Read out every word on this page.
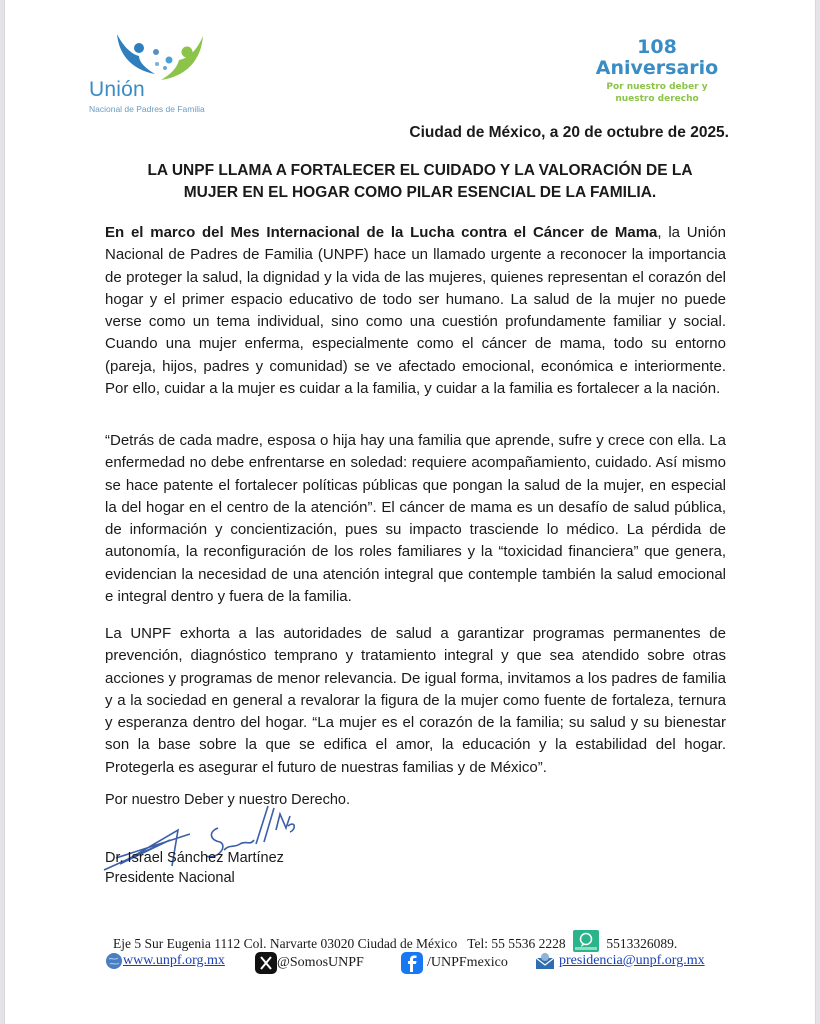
Unión
Nacional de Padres de Familia
108
Aniversario
Por nuestro deber y
nuestro derecho
Ciudad de México, a 20 de octubre de 2025.
LA UNPF LLAMA A FORTALECER EL CUIDADO Y LA VALORACIÓN DE LA
MUJER EN EL HOGAR COMO PILAR ESENCIAL DE LA FAMILIA.

En el marco del Mes Internacional de la Lucha contra el Cáncer de Mama, la Unión Nacional de Padres de Familia (UNPF) hace un llamado urgente a reconocer la importancia de proteger la salud, la dignidad y la vida de las mujeres, quienes representan el corazón del hogar y el primer espacio educativo de todo ser humano. La salud de la mujer no puede verse como un tema individual, sino como una cuestión profundamente familiar y social. Cuando una mujer enferma, especialmente como el cáncer de mama, todo su entorno (pareja, hijos, padres y comunidad) se ve afectado emocional, económica e interiormente. Por ello, cuidar a la mujer es cuidar a la familia, y cuidar a la familia es fortalecer a la nación.

“Detrás de cada madre, esposa o hija hay una familia que aprende, sufre y crece con ella. La enfermedad no debe enfrentarse en soledad: requiere acompañamiento, cuidado. Así mismo se hace patente el fortalecer políticas públicas que pongan la salud de la mujer, en especial la del hogar en el centro de la atención”. El cáncer de mama es un desafío de salud pública, de información y concientización, pues su impacto trasciende lo médico. La pérdida de autonomía, la reconfiguración de los roles familiares y la “toxicidad financiera” que genera, evidencian la necesidad de una atención integral que contemple también la salud emocional e integral dentro y fuera de la familia.

La UNPF exhorta a las autoridades de salud a garantizar programas permanentes de prevención, diagnóstico temprano y tratamiento integral y que sea atendido sobre otras acciones y programas de menor relevancia. De igual forma, invitamos a los padres de familia y a la sociedad en general a revalorar la figura de la mujer como fuente de fortaleza, ternura y esperanza dentro del hogar. “La mujer es el corazón de la familia; su salud y su bienestar son la base sobre la que se edifica el amor, la educación y la estabilidad del hogar. Protegerla es asegurar el futuro de nuestras familias y de México”.

Por nuestro Deber y nuestro Derecho.
Dr. Israel Sánchez Martínez
Presidente Nacional
Eje 5 Sur Eugenia 1112 Col. Narvarte 03020 Ciudad de México Tel: 55 5536 2228	5513326089.
www.unpf.org.mx	@SomosUNPF	/UNPFmexico	presidencia@unpf.org.mx
